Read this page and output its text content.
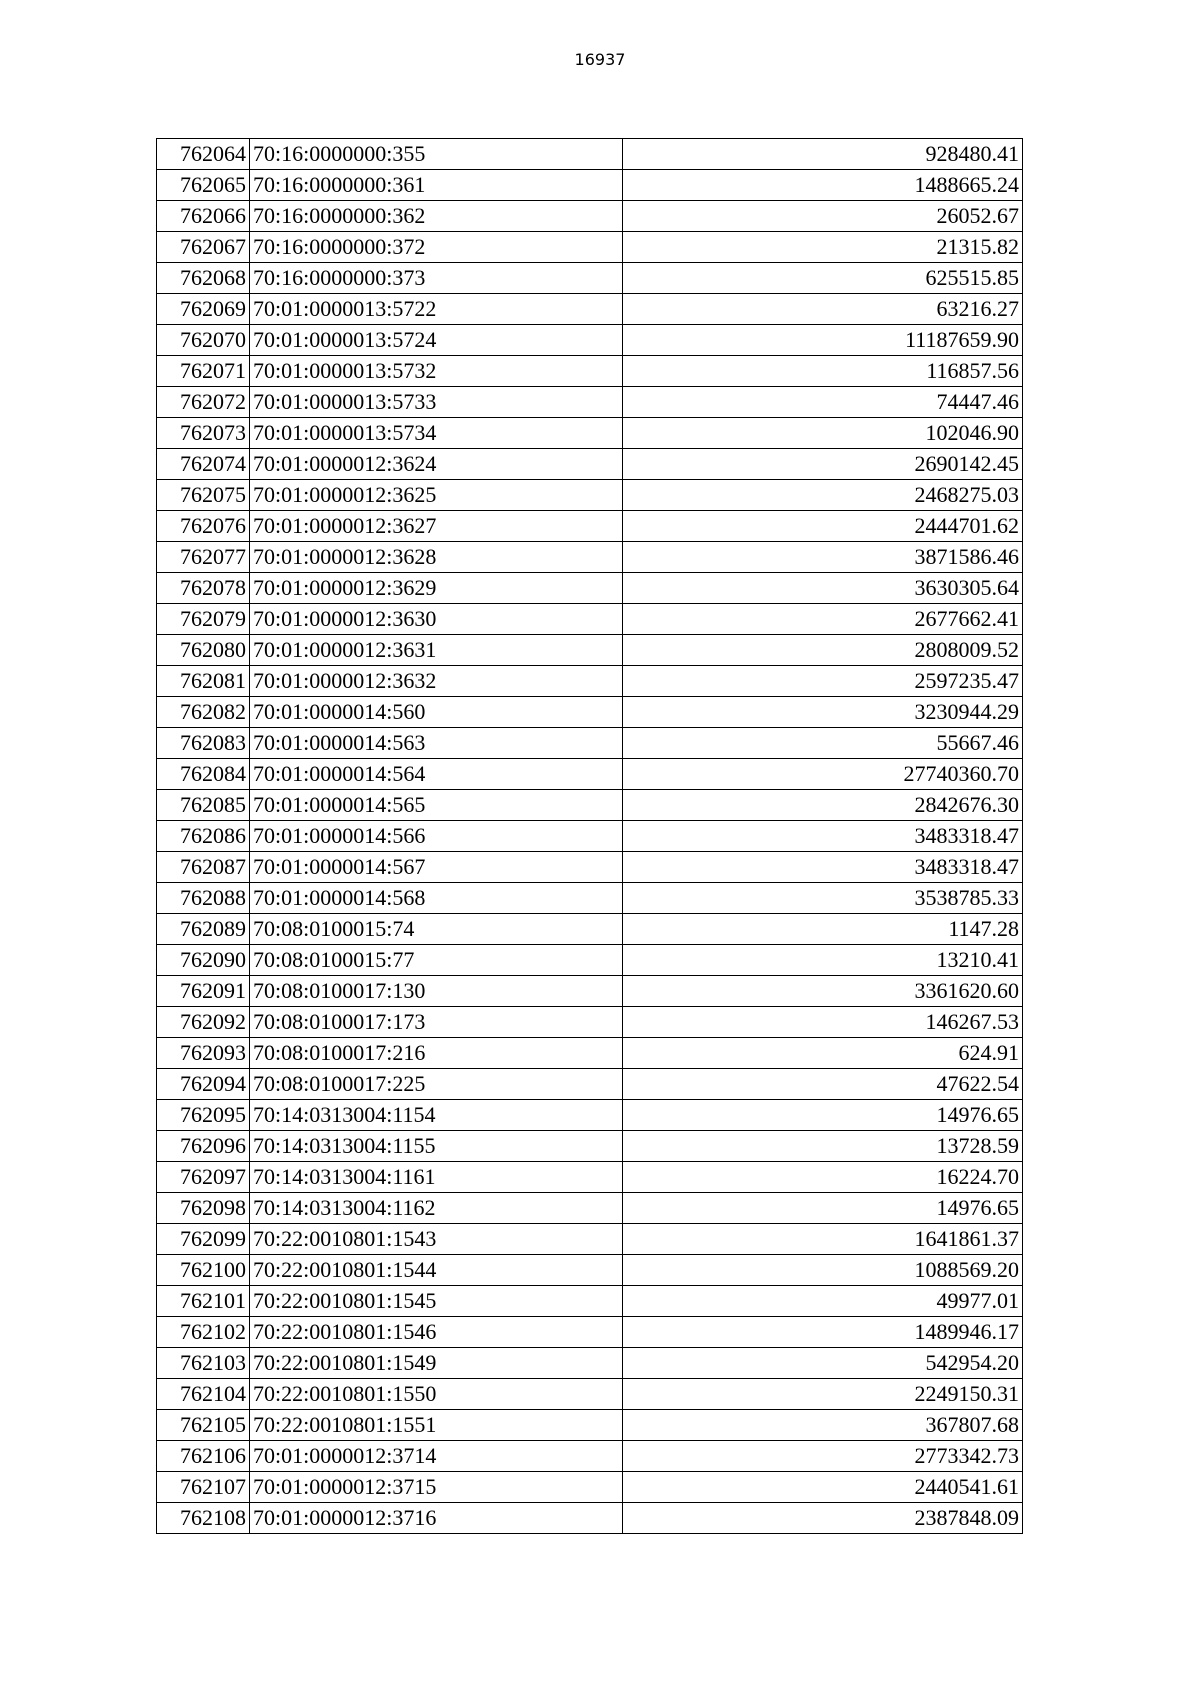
16937
762064	70:16:0000000:355	928480.41
762065	70:16:0000000:361	1488665.24
762066	70:16:0000000:362	26052.67
762067	70:16:0000000:372	21315.82
762068	70:16:0000000:373	625515.85
762069	70:01:0000013:5722	63216.27
762070	70:01:0000013:5724	11187659.90
762071	70:01:0000013:5732	116857.56
762072	70:01:0000013:5733	74447.46
762073	70:01:0000013:5734	102046.90
762074	70:01:0000012:3624	2690142.45
762075	70:01:0000012:3625	2468275.03
762076	70:01:0000012:3627	2444701.62
762077	70:01:0000012:3628	3871586.46
762078	70:01:0000012:3629	3630305.64
762079	70:01:0000012:3630	2677662.41
762080	70:01:0000012:3631	2808009.52
762081	70:01:0000012:3632	2597235.47
762082	70:01:0000014:560	3230944.29
762083	70:01:0000014:563	55667.46
762084	70:01:0000014:564	27740360.70
762085	70:01:0000014:565	2842676.30
762086	70:01:0000014:566	3483318.47
762087	70:01:0000014:567	3483318.47
762088	70:01:0000014:568	3538785.33
762089	70:08:0100015:74	1147.28
762090	70:08:0100015:77	13210.41
762091	70:08:0100017:130	3361620.60
762092	70:08:0100017:173	146267.53
762093	70:08:0100017:216	624.91
762094	70:08:0100017:225	47622.54
762095	70:14:0313004:1154	14976.65
762096	70:14:0313004:1155	13728.59
762097	70:14:0313004:1161	16224.70
762098	70:14:0313004:1162	14976.65
762099	70:22:0010801:1543	1641861.37
762100	70:22:0010801:1544	1088569.20
762101	70:22:0010801:1545	49977.01
762102	70:22:0010801:1546	1489946.17
762103	70:22:0010801:1549	542954.20
762104	70:22:0010801:1550	2249150.31
762105	70:22:0010801:1551	367807.68
762106	70:01:0000012:3714	2773342.73
762107	70:01:0000012:3715	2440541.61
762108	70:01:0000012:3716	2387848.09
